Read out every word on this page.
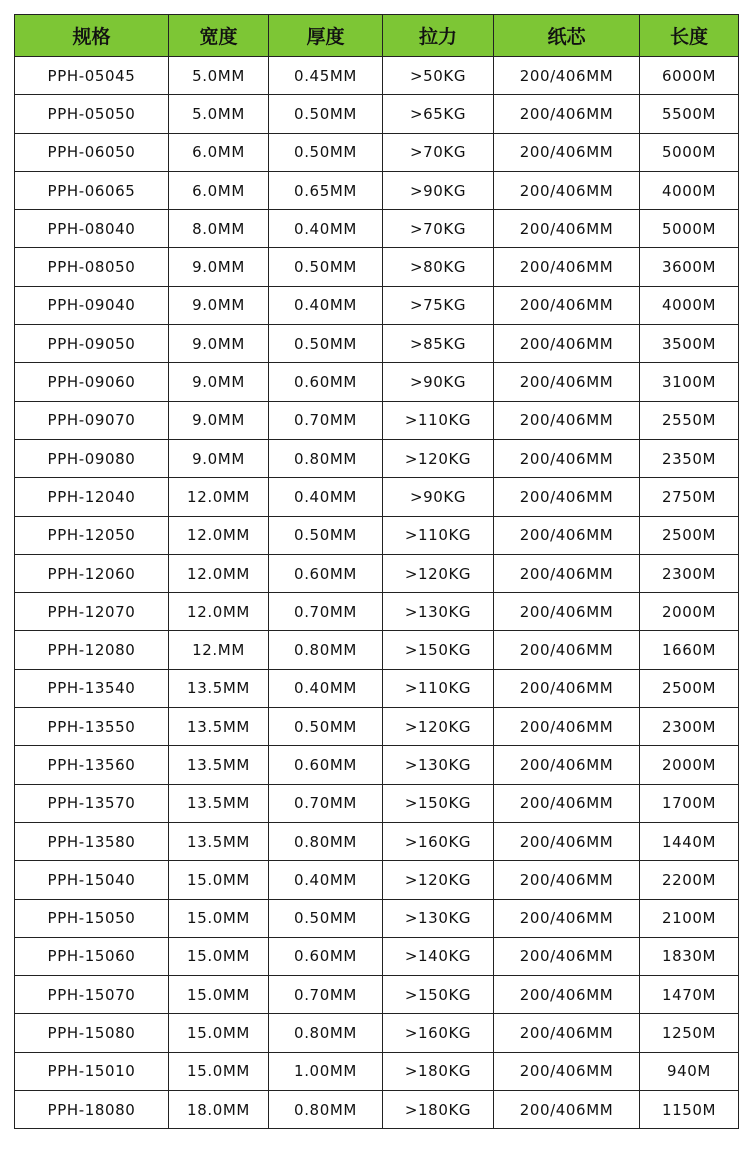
规格	宽度	厚度	拉力	纸芯	长度
PPH-05045	5.0MM	0.45MM	>50KG	200/406MM	6000M
PPH-05050	5.0MM	0.50MM	>65KG	200/406MM	5500M
PPH-06050	6.0MM	0.50MM	>70KG	200/406MM	5000M
PPH-06065	6.0MM	0.65MM	>90KG	200/406MM	4000M
PPH-08040	8.0MM	0.40MM	>70KG	200/406MM	5000M
PPH-08050	9.0MM	0.50MM	>80KG	200/406MM	3600M
PPH-09040	9.0MM	0.40MM	>75KG	200/406MM	4000M
PPH-09050	9.0MM	0.50MM	>85KG	200/406MM	3500M
PPH-09060	9.0MM	0.60MM	>90KG	200/406MM	3100M
PPH-09070	9.0MM	0.70MM	>110KG	200/406MM	2550M
PPH-09080	9.0MM	0.80MM	>120KG	200/406MM	2350M
PPH-12040	12.0MM	0.40MM	>90KG	200/406MM	2750M
PPH-12050	12.0MM	0.50MM	>110KG	200/406MM	2500M
PPH-12060	12.0MM	0.60MM	>120KG	200/406MM	2300M
PPH-12070	12.0MM	0.70MM	>130KG	200/406MM	2000M
PPH-12080	12.MM	0.80MM	>150KG	200/406MM	1660M
PPH-13540	13.5MM	0.40MM	>110KG	200/406MM	2500M
PPH-13550	13.5MM	0.50MM	>120KG	200/406MM	2300M
PPH-13560	13.5MM	0.60MM	>130KG	200/406MM	2000M
PPH-13570	13.5MM	0.70MM	>150KG	200/406MM	1700M
PPH-13580	13.5MM	0.80MM	>160KG	200/406MM	1440M
PPH-15040	15.0MM	0.40MM	>120KG	200/406MM	2200M
PPH-15050	15.0MM	0.50MM	>130KG	200/406MM	2100M
PPH-15060	15.0MM	0.60MM	>140KG	200/406MM	1830M
PPH-15070	15.0MM	0.70MM	>150KG	200/406MM	1470M
PPH-15080	15.0MM	0.80MM	>160KG	200/406MM	1250M
PPH-15010	15.0MM	1.00MM	>180KG	200/406MM	940M
PPH-18080	18.0MM	0.80MM	>180KG	200/406MM	1150M
